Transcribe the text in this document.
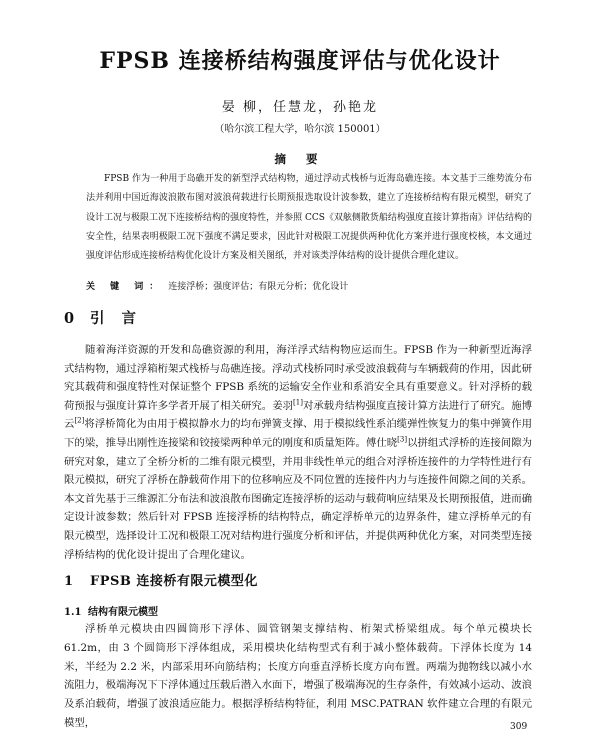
FPSB 连接桥结构强度评估与优化设计
晏 柳，任慧龙，孙艳龙
（哈尔滨工程大学，哈尔滨 150001）
摘 要

FPSB 作为一种用于岛礁开发的新型浮式结构物，通过浮动式栈桥与近海岛礁连接。本文基于三维势流分布法并利用中国近海波浪散布图对波浪荷载进行长期预报选取设计波参数，建立了连接桥结构有限元模型，研究了设计工况与极限工况下连接桥结构的强度特性，并参照 CCS《双舷侧散货船结构强度直接计算指南》评估结构的安全性，结果表明极限工况下强度不满足要求，因此针对极限工况提供两种优化方案并进行强度校核，本文通过强度评估形成连接桥结构优化设计方案及相关图纸，并对该类浮体结构的设计提供合理化建议。

关 键 词： 连接浮桥；强度评估；有限元分析；优化设计
0 引 言

随着海洋资源的开发和岛礁资源的利用，海洋浮式结构物应运而生。FPSB 作为一种新型近海浮式结构物，通过浮箱桁架式栈桥与岛礁连接。浮动式栈桥同时承受波浪载荷与车辆载荷的作用，因此研究其载荷和强度特性对保证整个 FPSB 系统的运输安全作业和系消安全具有重要意义。针对浮桥的载荷预报与强度计算许多学者开展了相关研究。姜羽[1]对承载舟结构强度直接计算方法进行了研究。施博云[2]将浮桥简化为由用于模拟静水力的均布弹簧支撑、用于模拟线性系泊缆弹性恢复力的集中弹簧作用下的梁，推导出刚性连接梁和铰接梁两种单元的刚度和质量矩阵。傅仕晓[3]以拼组式浮桥的连接间隙为研究对象，建立了全桥分析的二维有限元模型，并用非线性单元的组合对浮桥连接件的力学特性进行有限元模拟，研究了浮桥在静载荷作用下的位移响应及不同位置的连接件内力与连接件间隙之间的关系。本文首先基于三维源汇分布法和波浪散布图确定连接浮桥的运动与载荷响应结果及长期预报值，进而确定设计波参数；然后针对 FPSB 连接浮桥的结构特点，确定浮桥单元的边界条件，建立浮桥单元的有限元模型，选择设计工况和极限工况对结构进行强度分析和评估，并提供两种优化方案，对同类型连接浮桥结构的优化设计提出了合理化建议。

1 FPSB 连接桥有限元模型化
1.1 结构有限元模型

浮桥单元模块由四圆筒形下浮体、圆管钢架支撑结构、桁架式桥梁组成。每个单元模块长 61.2m，由 3 个圆筒形下浮体组成，采用模块化结构型式有利于减小整体载荷。下浮体长度为 14 米，半经为 2.2 米，内部采用环向筋结构；长度方向垂直浮桥长度方向布置。两端为抛物线以减小水流阻力，极端海况下下浮体通过压载后潜入水面下，增强了极端海况的生存条件，有效减小运动、波浪及系泊载荷，增强了波浪适应能力。根据浮桥结构特征，利用 MSC.PATRAN 软件建立合理的有限元模型，	309
